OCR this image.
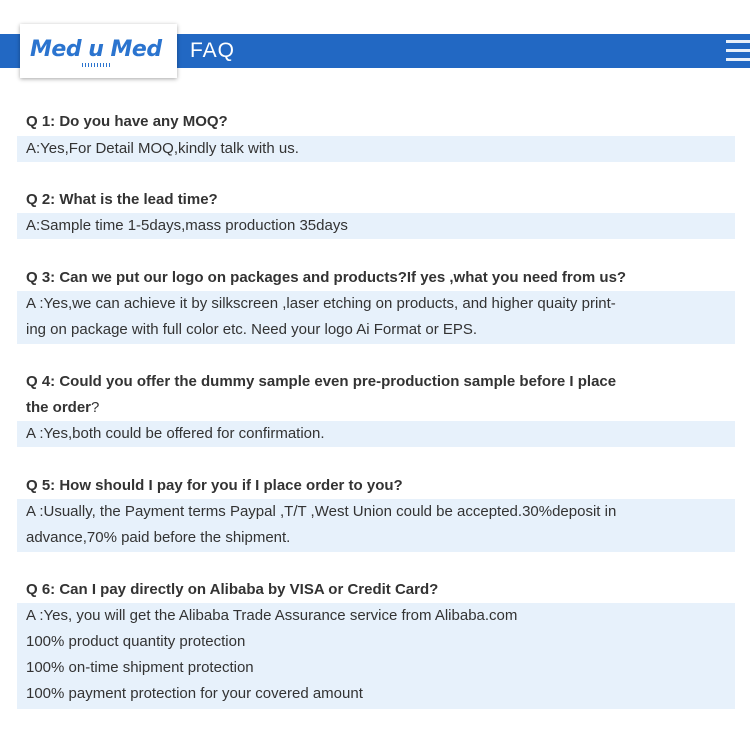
Med u Med FAQ
Q 1: Do you have any MOQ?
A:Yes,For Detail MOQ,kindly talk with us.
Q 2: What is the lead time?
A:Sample time 1-5days,mass production 35days
Q 3: Can we put our logo on packages and products?If yes ,what you need from us?
A :Yes,we can achieve it by silkscreen ,laser etching on products, and higher quaity print-
ing on package with full color etc. Need your logo Ai Format or EPS.
Q 4: Could you offer the dummy sample even pre-production sample before I place
the order?
A :Yes,both could be offered for confirmation.
Q 5: How should I pay for you if I place order to you?
A :Usually, the Payment terms Paypal ,T/T ,West Union could be accepted.30%deposit in
advance,70% paid before the shipment.
Q 6: Can I pay directly on Alibaba by VISA or Credit Card?
A :Yes, you will get the Alibaba Trade Assurance service from Alibaba.com
100% product quantity protection
100% on-time shipment protection
100% payment protection for your covered amount
